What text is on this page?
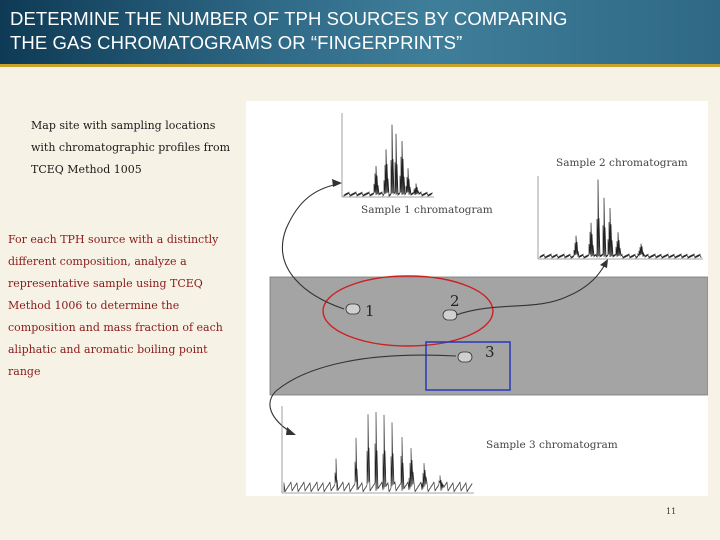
DETERMINE THE NUMBER OF TPH SOURCES BY COMPARING
THE GAS CHROMATOGRAMS OR “FINGERPRINTS”
Map site with sampling locations with chromatographic profiles from TCEQ Method 1005
For each TPH source with a distinctly different composition, analyze a representative sample using TCEQ Method 1006 to determine the composition and mass fraction of each aliphatic and aromatic boiling point range
Sample 1 chromatogram
Sample 2 chromatogram
1
2
3
Sample 3 chromatogram
11
